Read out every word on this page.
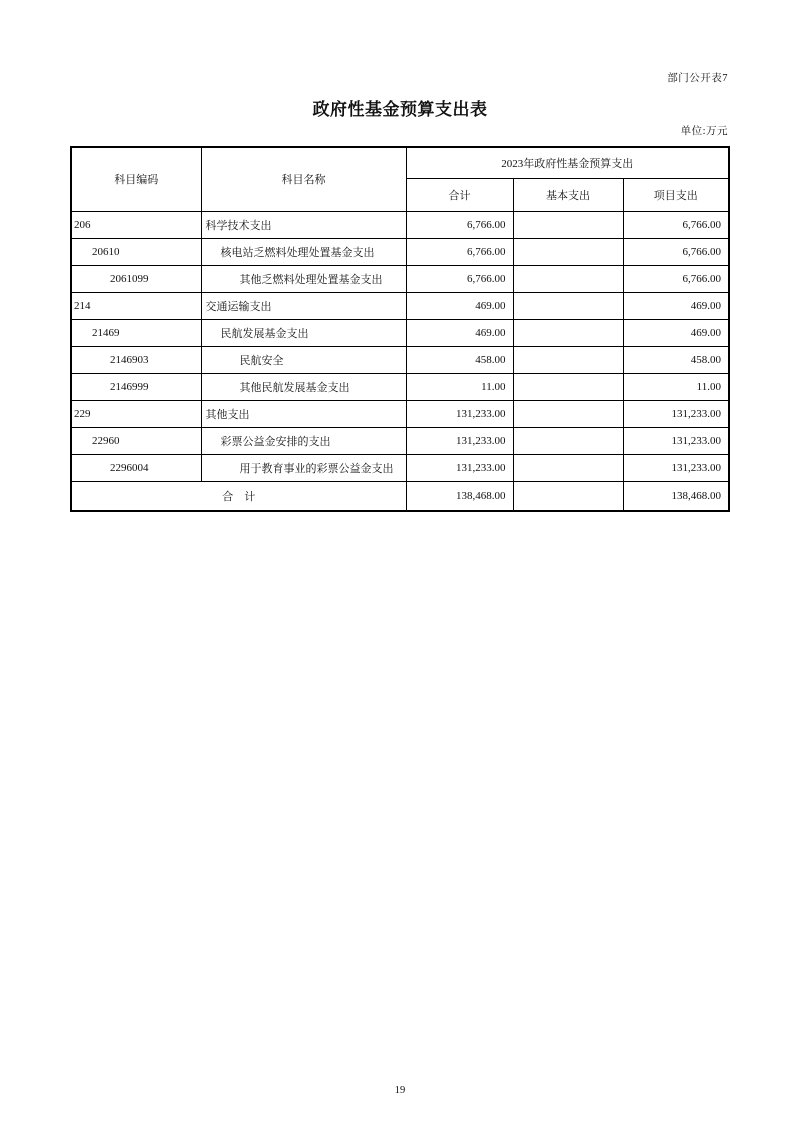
部门公开表7
政府性基金预算支出表
单位:万元
科目编码	科目名称	2023年政府性基金预算支出		
		合计	基本支出	项目支出
206	科学技术支出	6,766.00		6,766.00
20610	核电站乏燃料处理处置基金支出	6,766.00		6,766.00
2061099	其他乏燃料处理处置基金支出	6,766.00		6,766.00
214	交通运输支出	469.00		469.00
21469	民航发展基金支出	469.00		469.00
2146903	民航安全	458.00		458.00
2146999	其他民航发展基金支出	11.00		11.00
229	其他支出	131,233.00		131,233.00
22960	彩票公益金安排的支出	131,233.00		131,233.00
2296004	用于教育事业的彩票公益金支出	131,233.00		131,233.00
合　计		138,468.00		138,468.00
19
